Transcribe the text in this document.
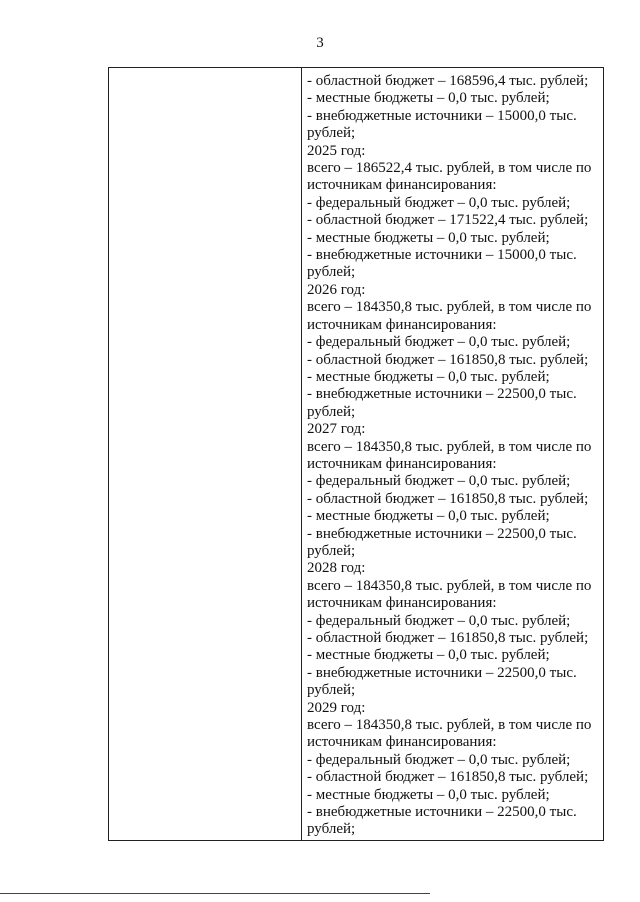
3
- областной бюджет – 168596,4 тыс. рублей;
- местные бюджеты – 0,0 тыс. рублей;
- внебюджетные источники – 15000,0 тыс.
рублей;
2025 год:
всего – 186522,4 тыс. рублей, в том числе по
источникам финансирования:
- федеральный бюджет – 0,0 тыс. рублей;
- областной бюджет – 171522,4 тыс. рублей;
- местные бюджеты – 0,0 тыс. рублей;
- внебюджетные источники – 15000,0 тыс.
рублей;
2026 год:
всего – 184350,8 тыс. рублей, в том числе по
источникам финансирования:
- федеральный бюджет – 0,0 тыс. рублей;
- областной бюджет – 161850,8 тыс. рублей;
- местные бюджеты – 0,0 тыс. рублей;
- внебюджетные источники – 22500,0 тыс.
рублей;
2027 год:
всего – 184350,8 тыс. рублей, в том числе по
источникам финансирования:
- федеральный бюджет – 0,0 тыс. рублей;
- областной бюджет – 161850,8 тыс. рублей;
- местные бюджеты – 0,0 тыс. рублей;
- внебюджетные источники – 22500,0 тыс.
рублей;
2028 год:
всего – 184350,8 тыс. рублей, в том числе по
источникам финансирования:
- федеральный бюджет – 0,0 тыс. рублей;
- областной бюджет – 161850,8 тыс. рублей;
- местные бюджеты – 0,0 тыс. рублей;
- внебюджетные источники – 22500,0 тыс.
рублей;
2029 год:
всего – 184350,8 тыс. рублей, в том числе по
источникам финансирования:
- федеральный бюджет – 0,0 тыс. рублей;
- областной бюджет – 161850,8 тыс. рублей;
- местные бюджеты – 0,0 тыс. рублей;
- внебюджетные источники – 22500,0 тыс.
рублей;
